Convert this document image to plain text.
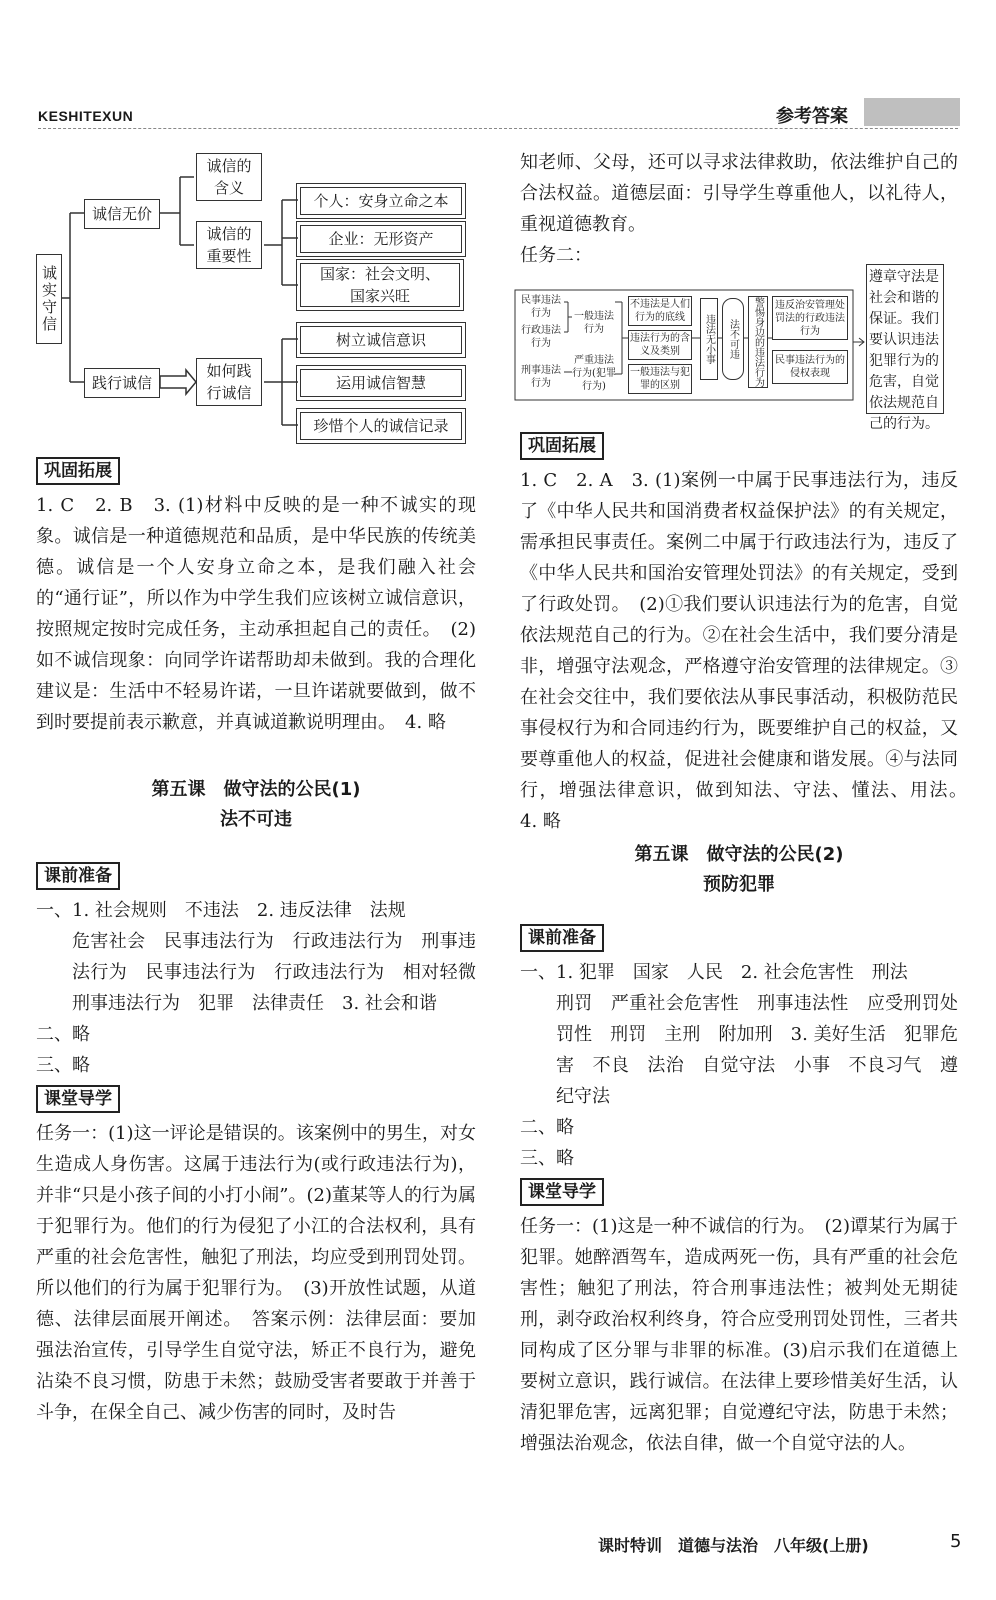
KESHITEXUN	参考答案
诚实守信
诚信无价
诚信的含义
诚信的重要性
个人：安身立命之本
企业：无形资产
国家：社会文明、国家兴旺
践行诚信
如何践行诚信
树立诚信意识
运用诚信智慧
珍惜个人的诚信记录
巩固拓展

1. C　2. B　3. (1)材料中反映的是一种不诚实的现象。诚信是一种道德规范和品质，是中华民族的传统美德。诚信是一个人安身立命之本，是我们融入社会的“通行证”，所以作为中学生我们应该树立诚信意识，按照规定按时完成任务，主动承担起自己的责任。　(2)如不诚信现象：向同学许诺帮助却未做到。我的合理化建议是：生活中不轻易许诺，一旦许诺就要做到，做不到时要提前表示歉意，并真诚道歉说明理由。　4. 略

第五课　做守法的公民(1)
法不可违
课前准备

一、1. 社会规则　不违法　2. 违反法律　法规

危害社会　民事违法行为　行政违法行为　刑事违法行为　民事违法行为　行政违法行为　相对轻微　刑事违法行为　犯罪　法律责任　3. 社会和谐

二、略

三、略

课堂导学

任务一：(1)这一评论是错误的。该案例中的男生，对女生造成人身伤害。这属于违法行为(或行政违法行为)，并非“只是小孩子间的小打小闹”。(2)董某等人的行为属于犯罪行为。他们的行为侵犯了小江的合法权利，具有严重的社会危害性，触犯了刑法，均应受到刑罚处罚。所以他们的行为属于犯罪行为。　(3)开放性试题，从道德、法律层面展开阐述。　答案示例：法律层面：要加强法治宣传，引导学生自觉守法，矫正不良行为，避免沾染不良习惯，防患于未然；鼓励受害者要敢于并善于斗争，在保全自己、减少伤害的同时，及时告

知老师、父母，还可以寻求法律救助，依法维护自己的合法权益。道德层面：引导学生尊重他人，以礼待人，重视道德教育。

任务二：

民事违法行为
行政违法行为
刑事违法行为
一般违法行为
严重违法行为(犯罪行为)
不违法是人们行为的底线
违法行为的含义及类别
一般违法与犯罪的区别
违法无小事	法不可违	警惕身边的违法行为	违反治安管理处罚法的行政违法行为
民事违法行为的侵权表现
遵章守法是社会和谐的保证。我们要认识违法犯罪行为的危害，自觉依法规范自己的行为。
巩固拓展

1. C　2. A　3. (1)案例一中属于民事违法行为，违反了《中华人民共和国消费者权益保护法》的有关规定，需承担民事责任。案例二中属于行政违法行为，违反了《中华人民共和国治安管理处罚法》的有关规定，受到了行政处罚。　(2)①我们要认识违法行为的危害，自觉依法规范自己的行为。②在社会生活中，我们要分清是非，增强守法观念，严格遵守治安管理的法律规定。③在社会交往中，我们要依法从事民事活动，积极防范民事侵权行为和合同违约行为，既要维护自己的权益，又要尊重他人的权益，促进社会健康和谐发展。④与法同行，增强法律意识，做到知法、守法、懂法、用法。　4. 略

第五课　做守法的公民(2)
预防犯罪
课前准备

一、1. 犯罪　国家　人民　2. 社会危害性　刑法

刑罚　严重社会危害性　刑事违法性　应受刑罚处罚性　刑罚　主刑　附加刑　3. 美好生活　犯罪危害　不良　法治　自觉守法　小事　不良习气　遵纪守法

二、略

三、略

课堂导学

任务一：(1)这是一种不诚信的行为。　(2)谭某行为属于犯罪。她醉酒驾车，造成两死一伤，具有严重的社会危害性；触犯了刑法，符合刑事违法性；被判处无期徒刑，剥夺政治权利终身，符合应受刑罚处罚性，三者共同构成了区分罪与非罪的标准。(3)启示我们在道德上要树立意识，践行诚信。在法律上要珍惜美好生活，认清犯罪危害，远离犯罪；自觉遵纪守法，防患于未然；增强法治观念，依法自律，做一个自觉守法的人。

课时特训　道德与法治　八年级(上册)	5
